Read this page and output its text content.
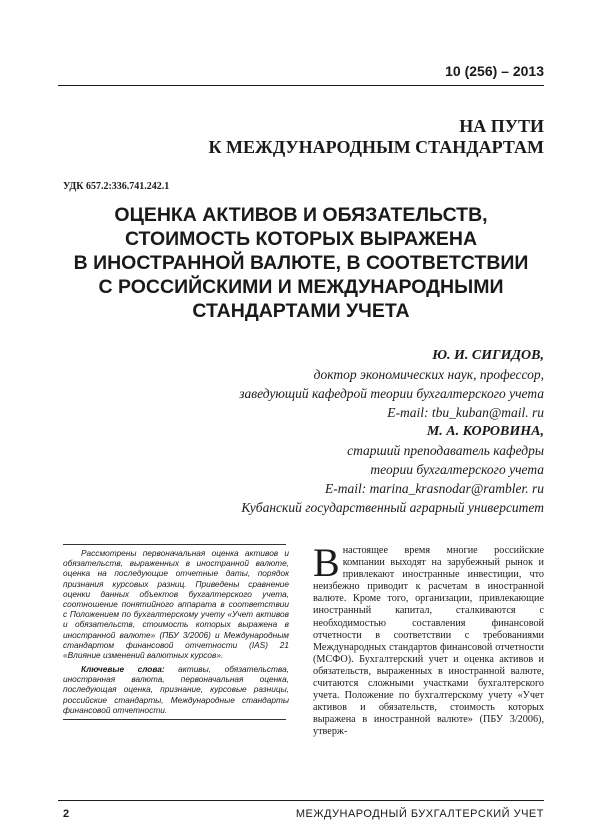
10 (256) – 2013
НА ПУТИ
К МЕЖДУНАРОДНЫМ СТАНДАРТАМ
УДК 657.2:336.741.242.1
ОЦЕНКА АКТИВОВ И ОБЯЗАТЕЛЬСТВ,
СТОИМОСТЬ КОТОРЫХ ВЫРАЖЕНА
В ИНОСТРАННОЙ ВАЛЮТЕ, В СООТВЕТСТВИИ
С РОССИЙСКИМИ И МЕЖДУНАРОДНЫМИ
СТАНДАРТАМИ УЧЕТА
Ю. И. СИГИДОВ,
доктор экономических наук, профессор,
заведующий кафедрой теории бухгалтерского учета
E-mail: tbu_kuban@mail. ru
М. А. КОРОВИНА,
старший преподаватель кафедры
теории бухгалтерского учета
E-mail: marina_krasnodar@rambler. ru
Кубанский государственный аграрный университет
Рассмотрены первоначальная оценка активов и обязательств, выраженных в иностранной валюте, оценка на последующие отчетные даты, порядок признания курсовых разниц. Приведены сравнение оценки данных объектов бухгалтерского учета, соотношение понятийного аппарата в соответствии с Положением по бухгалтерскому учету «Учет активов и обязательств, стоимость которых выражена в иностранной валюте» (ПБУ 3/2006) и Международным стандартом финансовой отчетности (IAS) 21 «Влияние изменений валютных курсов».
Ключевые слова: активы, обязательства, иностранная валюта, первоначальная оценка, последующая оценка, признание, курсовые разницы, российские стандарты, Международные стандарты финансовой отчетности.
Внастоящее время многие российские компании выходят на зарубежный рынок и привлекают иностранные инвестиции, что неизбежно приводит к расчетам в иностранной валюте. Кроме того, организации, привлекающие иностранный капитал, сталкиваются с необходимостью составления финансовой отчетности в соответствии с требованиями Международных стандартов финансовой отчетности (МСФО). Бухгалтерский учет и оценка активов и обязательств, выраженных в иностранной валюте, считаются сложными участками бухгалтерского учета. Положение по бухгалтерскому учету «Учет активов и обязательств, стоимость которых выражена в иностранной валюте» (ПБУ 3/2006), утверж-
2	МЕЖДУНАРОДНЫЙ БУХГАЛТЕРСКИЙ УЧЕТ
